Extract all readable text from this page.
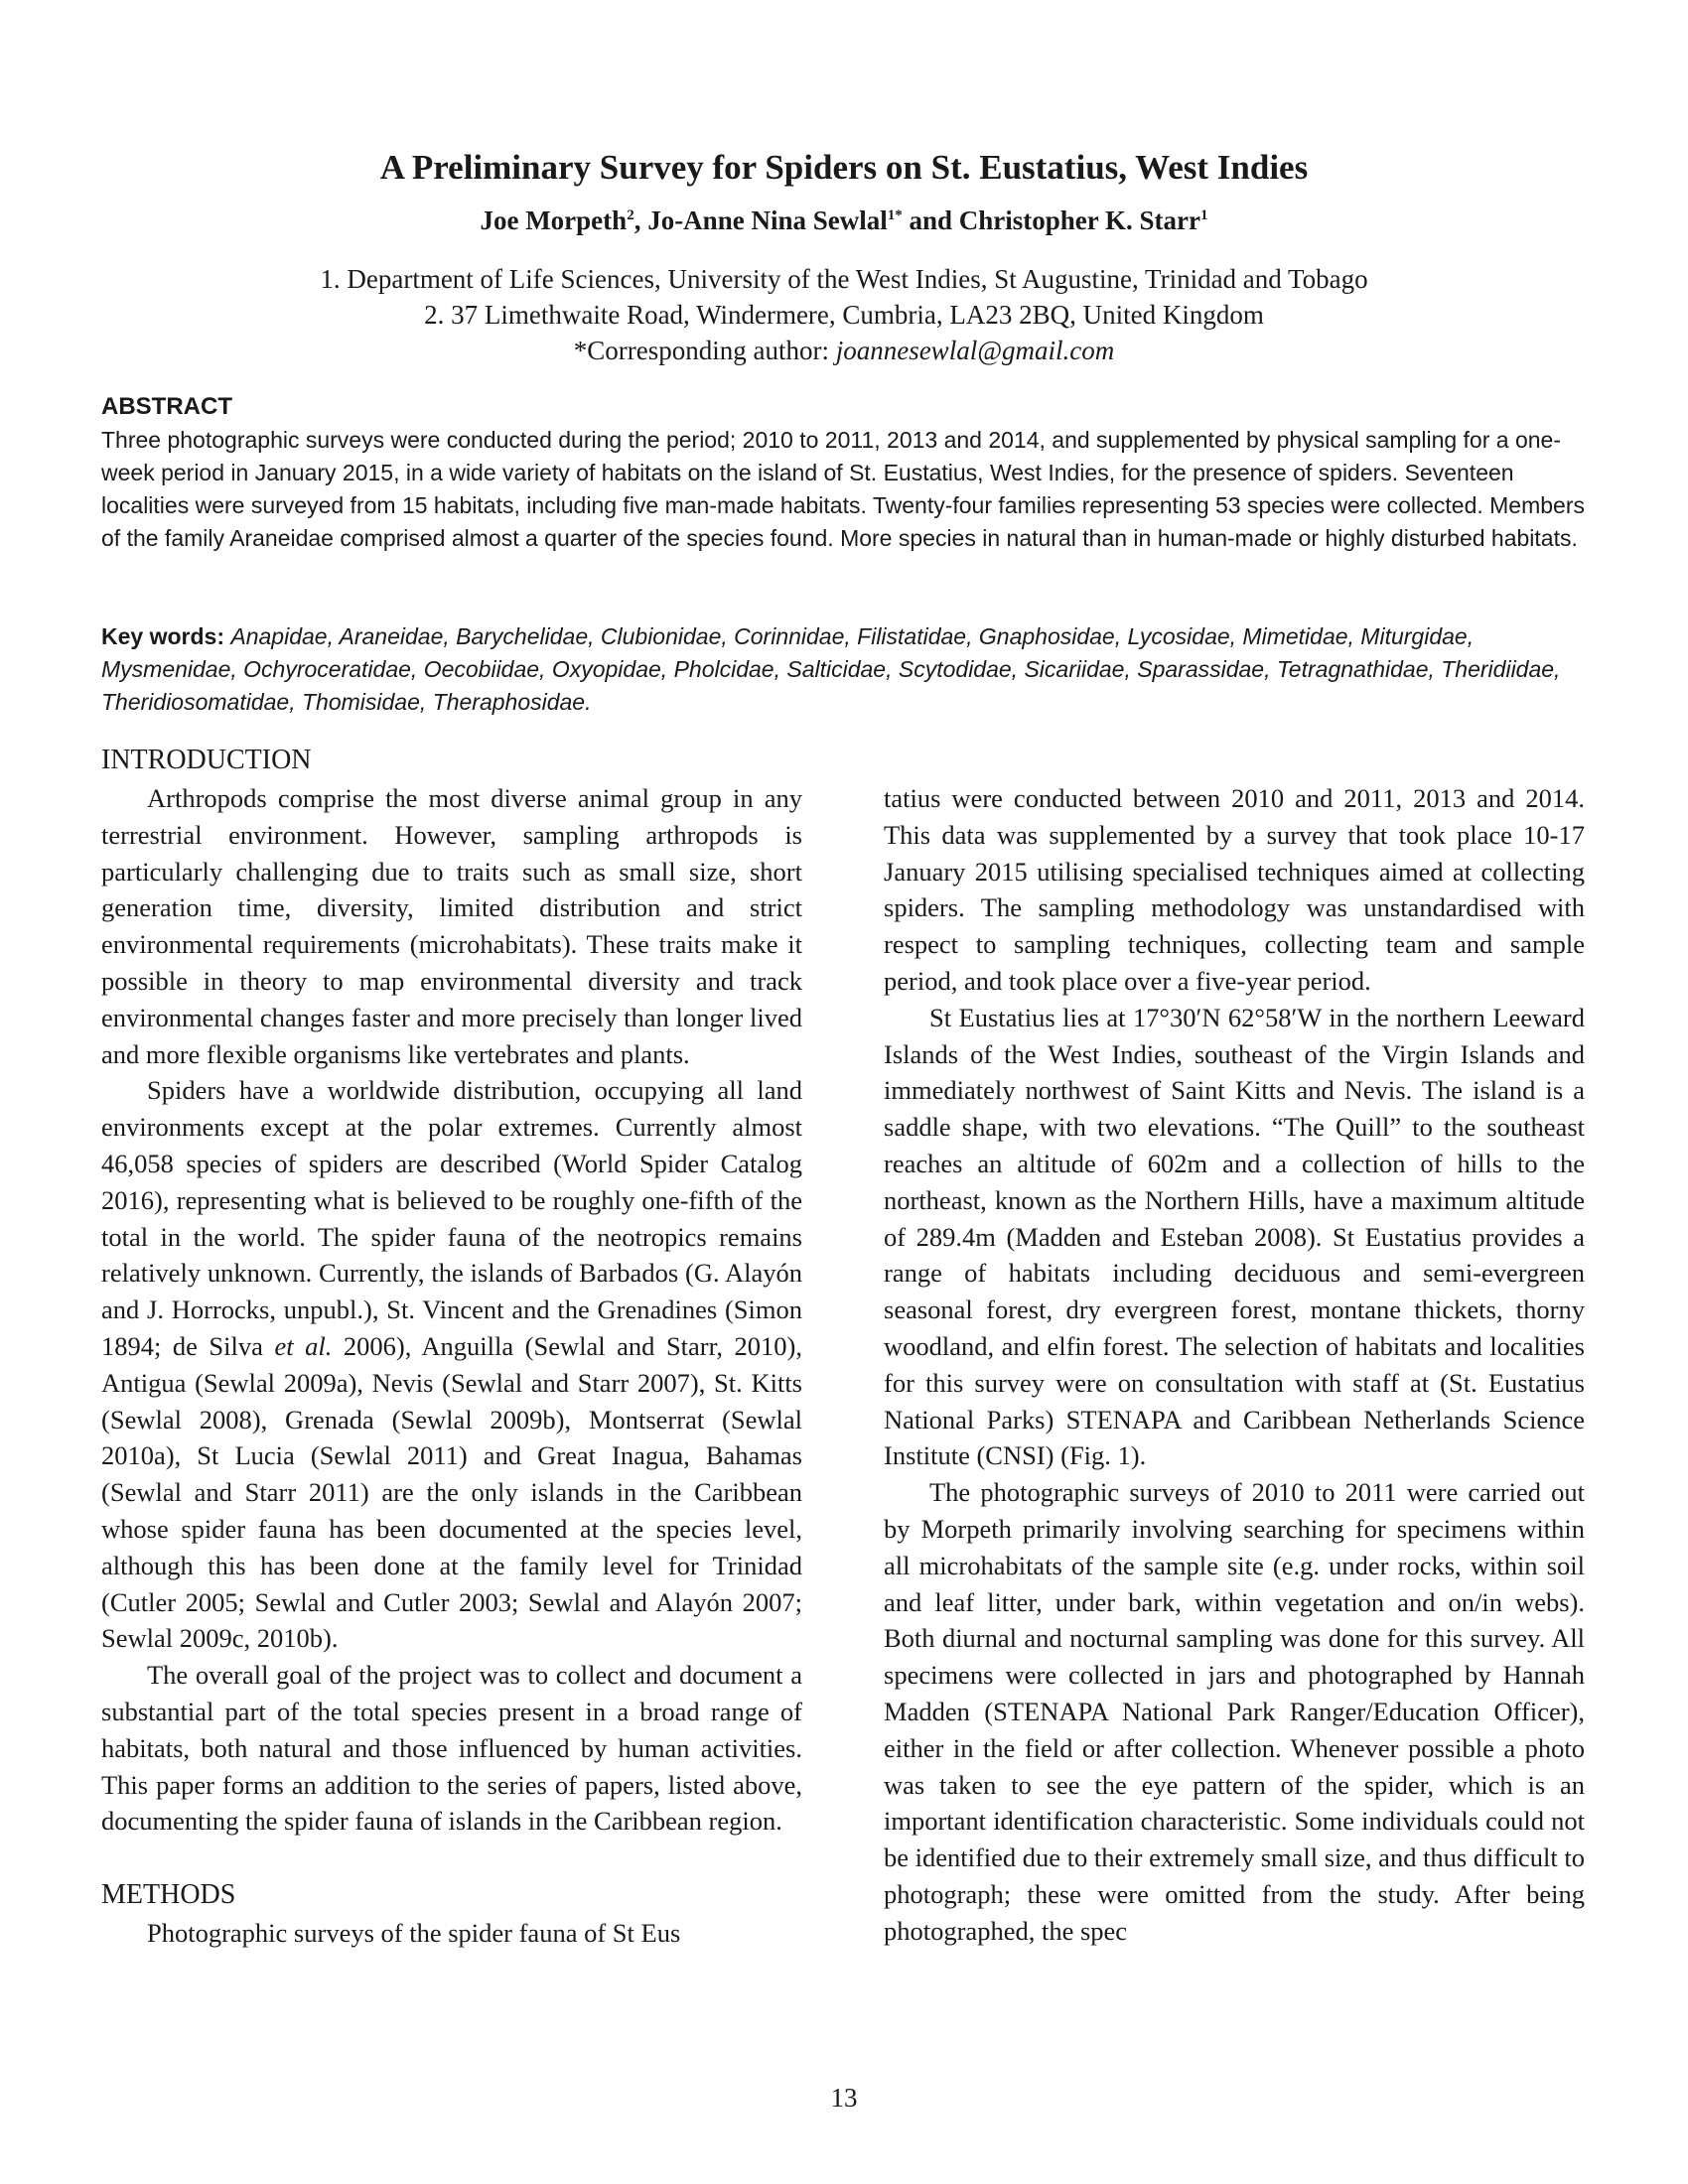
A Preliminary Survey for Spiders on St. Eustatius, West Indies
Joe Morpeth$^2$, Jo-Anne Nina Sewlal$^{1*}$ and Christopher K. Starr$^1$
1. Department of Life Sciences, University of the West Indies, St Augustine, Trinidad and Tobago
2. 37 Limethwaite Road, Windermere, Cumbria, LA23 2BQ, United Kingdom
*Corresponding author: joannesewlal@gmail.com
ABSTRACT
Three photographic surveys were conducted during the period; 2010 to 2011, 2013 and 2014, and supplemented by physical sampling for a one-week period in January 2015, in a wide variety of habitats on the island of St. Eustatius, West Indies, for the presence of spiders. Seventeen localities were surveyed from 15 habitats, including five man-made habitats. Twenty-four families representing 53 species were collected. Members of the family Araneidae comprised almost a quarter of the species found. More species in natural than in human-made or highly disturbed habitats.
Key words: Anapidae, Araneidae, Barychelidae, Clubionidae, Corinnidae, Filistatidae, Gnaphosidae, Lycosidae, Mimetidae, Miturgidae, Mysmenidae, Ochyroceratidae, Oecobiidae, Oxyopidae, Pholcidae, Salticidae, Scytodidae, Sicariidae, Sparassidae, Tetragnathidae, Theridiidae, Theridiosomatidae, Thomisidae, Theraphosidae.
INTRODUCTION

Arthropods comprise the most diverse animal group in any terrestrial environment. However, sampling arthropods is particularly challenging due to traits such as small size, short generation time, diversity, limited distribution and strict environmental requirements (microhabitats). These traits make it possible in theory to map environmental diversity and track environmental changes faster and more precisely than longer lived and more flexible organisms like vertebrates and plants.

Spiders have a worldwide distribution, occupying all land environments except at the polar extremes. Currently almost 46,058 species of spiders are described (World Spider Catalog 2016), representing what is believed to be roughly one-fifth of the total in the world. The spider fauna of the neotropics remains relatively unknown. Currently, the islands of Barbados (G. Alayón and J. Horrocks, unpubl.), St. Vincent and the Grenadines (Simon 1894; de Silva et al. 2006), Anguilla (Sewlal and Starr, 2010), Antigua (Sewlal 2009a), Nevis (Sewlal and Starr 2007), St. Kitts (Sewlal 2008), Grenada (Sewlal 2009b), Montserrat (Sewlal 2010a), St Lucia (Sewlal 2011) and Great Inagua, Bahamas (Sewlal and Starr 2011) are the only islands in the Caribbean whose spider fauna has been documented at the species level, although this has been done at the family level for Trinidad (Cutler 2005; Sewlal and Cutler 2003; Sewlal and Alayón 2007; Sewlal 2009c, 2010b).

The overall goal of the project was to collect and document a substantial part of the total species present in a broad range of habitats, both natural and those influenced by human activities. This paper forms an addition to the series of papers, listed above, documenting the spider fauna of islands in the Caribbean region.

METHODS

Photographic surveys of the spider fauna of St Eus

tatius were conducted between 2010 and 2011, 2013 and 2014. This data was supplemented by a survey that took place 10-17 January 2015 utilising specialised techniques aimed at collecting spiders. The sampling methodology was unstandardised with respect to sampling techniques, collecting team and sample period, and took place over a five-year period.

St Eustatius lies at 17°30′N 62°58′W in the northern Leeward Islands of the West Indies, southeast of the Virgin Islands and immediately northwest of Saint Kitts and Nevis. The island is a saddle shape, with two elevations. “The Quill” to the southeast reaches an altitude of 602m and a collection of hills to the northeast, known as the Northern Hills, have a maximum altitude of 289.4m (Madden and Esteban 2008). St Eustatius provides a range of habitats including deciduous and semi-evergreen seasonal forest, dry evergreen forest, montane thickets, thorny woodland, and elfin forest. The selection of habitats and localities for this survey were on consultation with staff at (St. Eustatius National Parks) STENAPA and Caribbean Netherlands Science Institute (CNSI) (Fig. 1).

The photographic surveys of 2010 to 2011 were carried out by Morpeth primarily involving searching for specimens within all microhabitats of the sample site (e.g. under rocks, within soil and leaf litter, under bark, within vegetation and on/in webs). Both diurnal and nocturnal sampling was done for this survey. All specimens were collected in jars and photographed by Hannah Madden (STENAPA National Park Ranger/Education Officer), either in the field or after collection. Whenever possible a photo was taken to see the eye pattern of the spider, which is an important identification characteristic. Some individuals could not be identified due to their extremely small size, and thus difficult to photograph; these were omitted from the study. After being photographed, the spec

13
